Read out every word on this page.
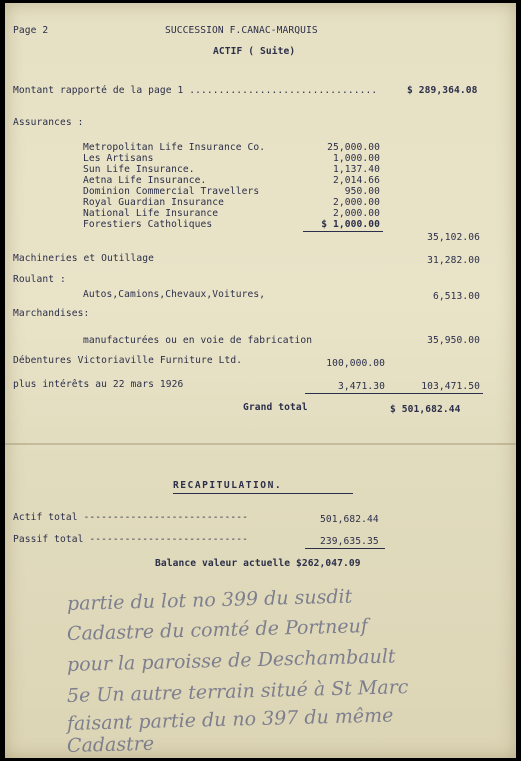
Page 2	SUCCESSION F.CANAC-MARQUIS
ACTIF ( Suite)
Montant rapporté de la page 1 ................................	$ 289,364.08
Assurances :
Metropolitan Life Insurance Co.	25,000.00
Les Artisans	1,000.00
Sun Life Insurance.	1,137.40
Aetna Life Insurance.	2,014.66
Dominion Commercial Travellers	950.00
Royal Guardian Insurance	2,000.00
National Life Insurance	2,000.00
Forestiers Catholiques	$ 1,000.00
35,102.06
Machineries et Outillage	31,282.00
Roulant :
Autos,Camions,Chevaux,Voitures,	6,513.00
Marchandises:
manufacturées ou en voie de fabrication	35,950.00
Débentures Victoriaville Furniture Ltd.	100,000.00
plus intérêts au 22 mars 1926	3,471.30	103,471.50
Grand total	$ 501,682.44
RECAPITULATION.
Actif total ----------------------------	501,682.44
Passif total ---------------------------	239,635.35
Balance valeur actuelle $262,047.09
partie du lot no 399 du susdit
Cadastre du comté de Portneuf
pour la paroisse de Deschambault
5e Un autre terrain situé à St Marc
faisant partie du no 397 du même
Cadastre
